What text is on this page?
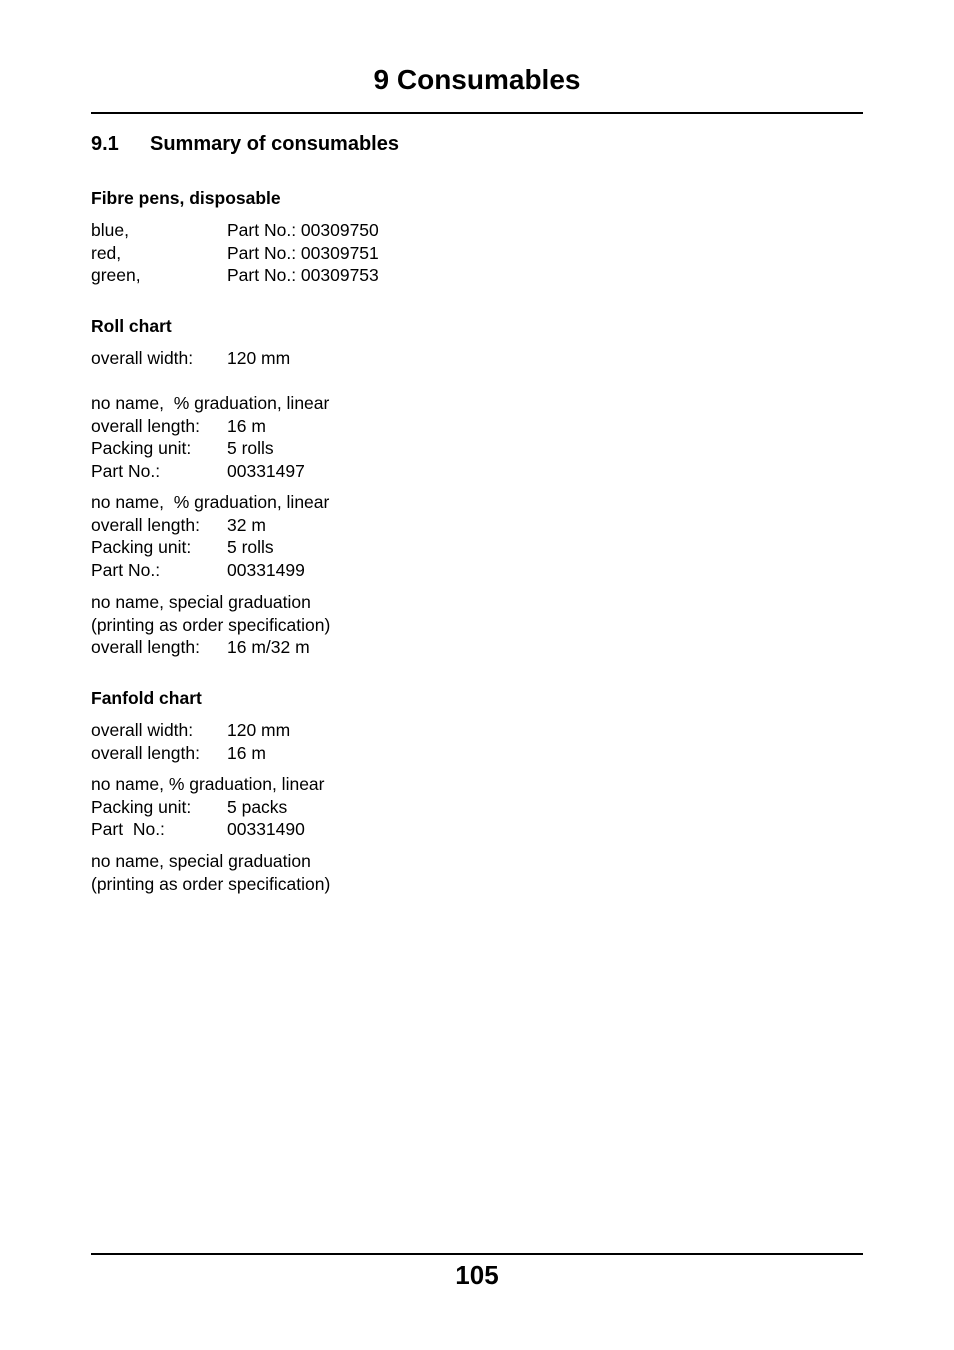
9 Consumables
9.1 Summary of consumables
Fibre pens, disposable

blue,	Part No.: 00309750

red,	Part No.: 00309751

green,	Part No.: 00309753

Roll chart

overall width: 120 mm

no name,  % graduation, linear

overall length: 16 m

Packing unit: 5 rolls

Part No.:	00331497

no name,  % graduation, linear

overall length: 32 m

Packing unit: 5 rolls

Part No.:	00331499

no name, special graduation

(printing as order specification)

overall length: 16 m/32 m

Fanfold chart

overall width: 120 mm

overall length: 16 m

no name, % graduation, linear

Packing unit: 5 packs

Part  No.:	00331490

no name, special graduation

(printing as order specification)

105
